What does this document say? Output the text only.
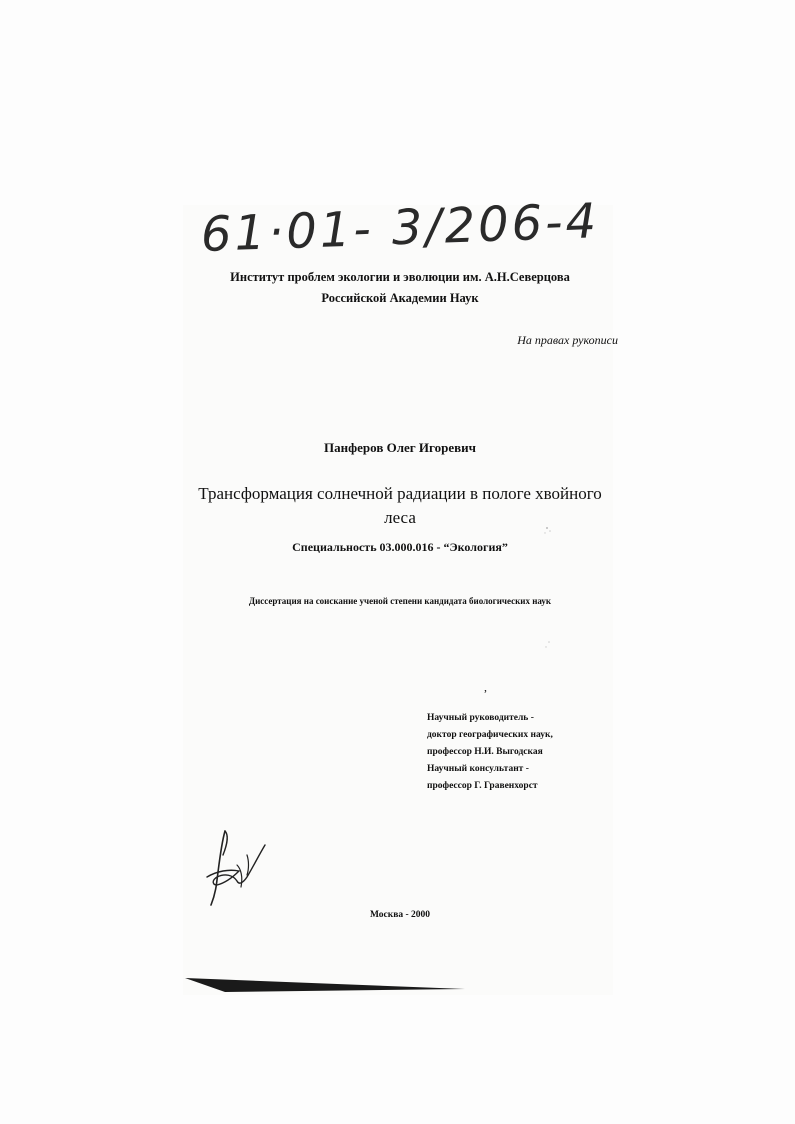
61·01- 3/206-4
Институт проблем экологии и эволюции им. А.Н.Северцова
Российской Академии Наук
На правах рукописи
Панферов Олег Игоревич
Трансформация солнечной радиации в пологе хвойного леса
Специальность 03.000.016 - “Экология”
Диссертация на соискание ученой степени кандидата биологических наук
,
Научный руководитель -
доктор географических наук,
профессор Н.И. Выгодская
Научный консультант -
профессор Г. Гравенхорст
Москва - 2000
